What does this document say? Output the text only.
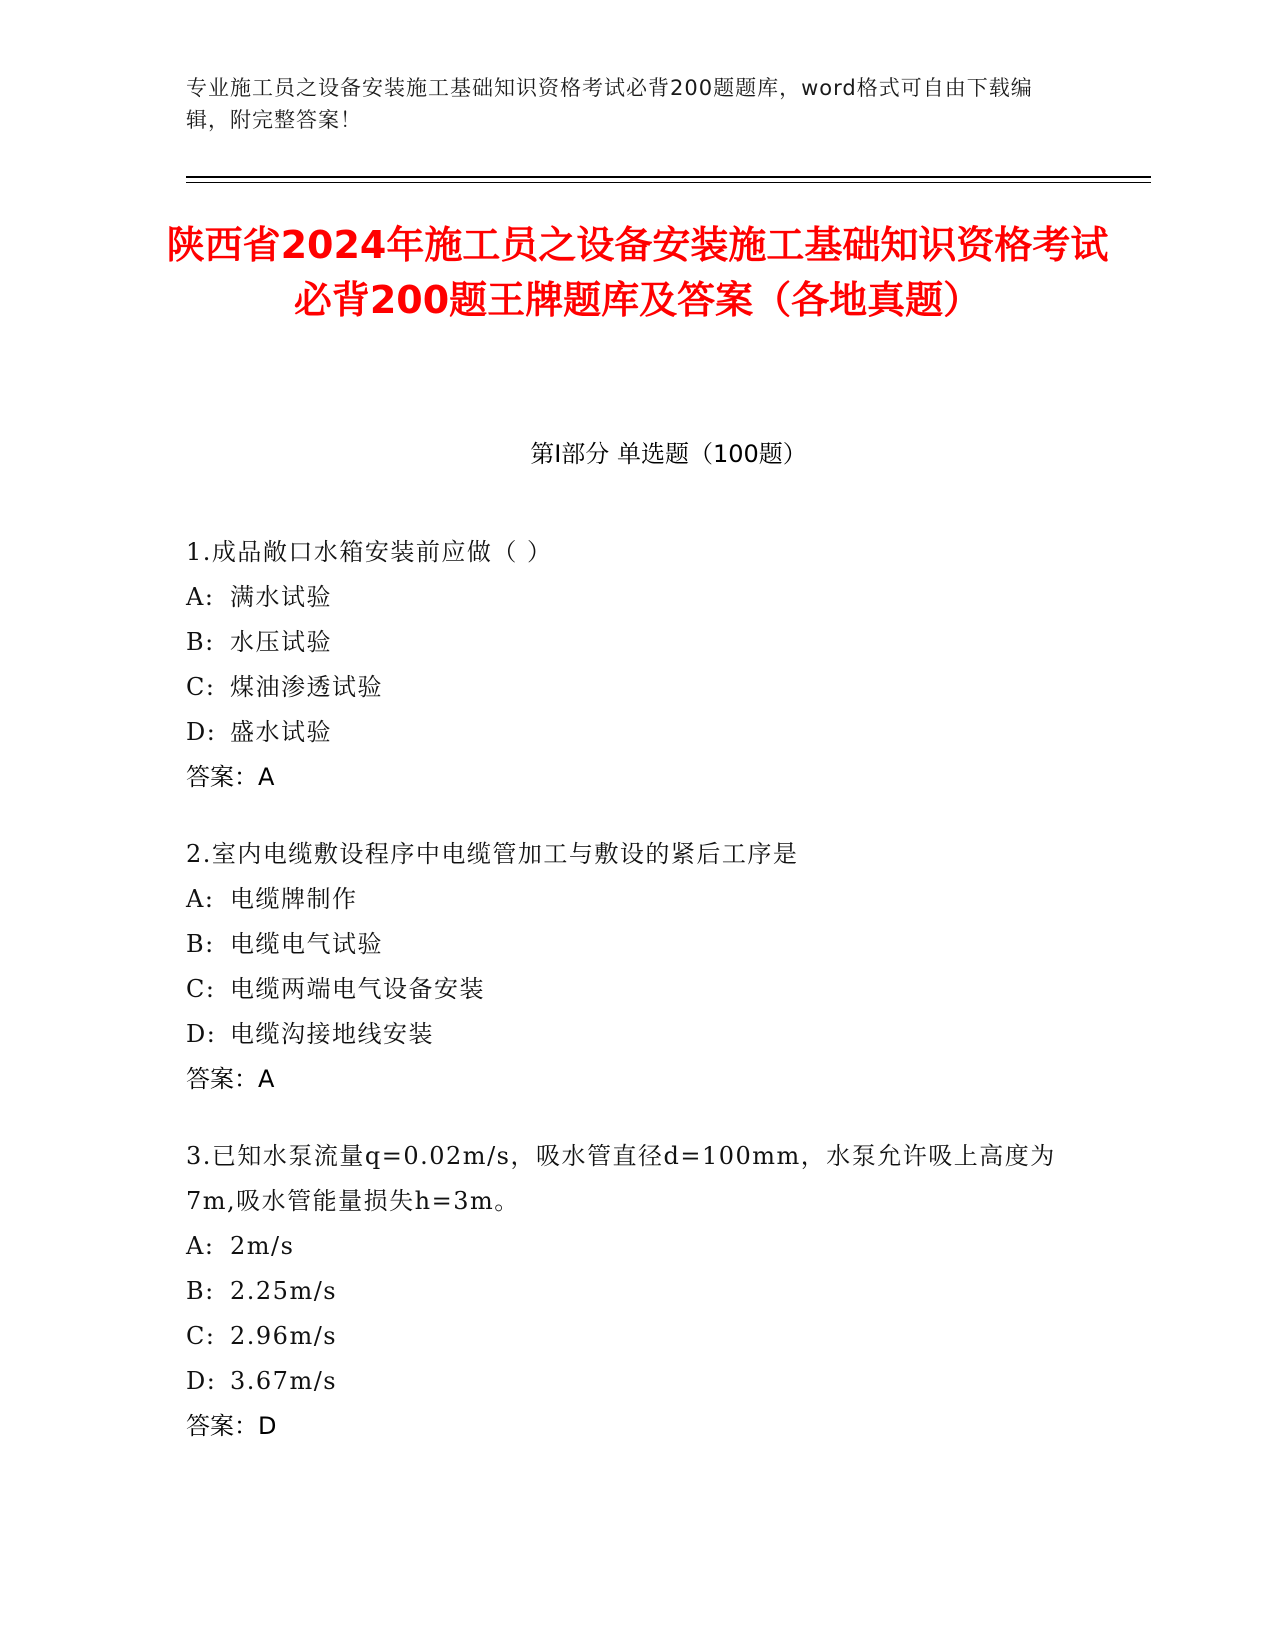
专业施工员之设备安装施工基础知识资格考试必背200题题库，word格式可自由下载编辑，附完整答案！
陕西省2024年施工员之设备安装施工基础知识资格考试必背200题王牌题库及答案（各地真题）
第I部分 单选题（100题）

1.成品敞口水箱安装前应做（ ）

A: 满水试验

B: 水压试验

C: 煤油渗透试验

D: 盛水试验

答案：A

2.室内电缆敷设程序中电缆管加工与敷设的紧后工序是

A: 电缆牌制作

B: 电缆电气试验

C: 电缆两端电气设备安装

D: 电缆沟接地线安装

答案：A

3.已知水泵流量q=0.02m/s，吸水管直径d=100mm，水泵允许吸上高度为7m,吸水管能量损失h=3m。

A: 2m/s

B: 2.25m/s

C: 2.96m/s

D: 3.67m/s

答案：D
